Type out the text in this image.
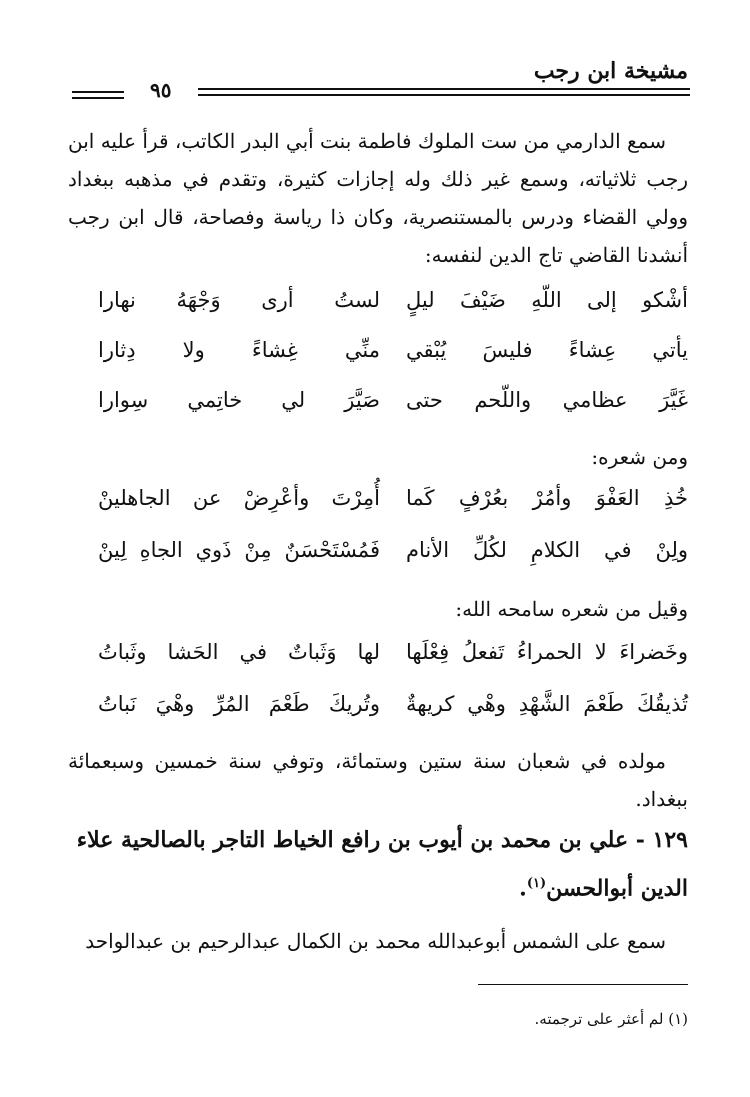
مشيخة ابن رجب
٩٥

سمع الدارمي من ست الملوك فاطمة بنت أبي البدر الكاتب، قرأ عليه ابن رجب ثلاثياته، وسمع غير ذلك وله إجازات كثيرة، وتقدم في مذهبه ببغداد وولي القضاء ودرس بالمستنصرية، وكان ذا رياسة وفصاحة، قال ابن رجب أنشدنا القاضي تاج الدين لنفسه:

أشْكو إلى اللّهِ ضَيْفَ ليلٍ
لستُ أرى وَجْهَهُ نهارا
يأتي عِشاءً فليسَ يُبْقي
منِّي غِشاءً ولا دِثارا
غَيَّرَ عظامي واللّحم حتى
صَيَّرَ لي خاتِمي سِوارا

ومن شعره:

خُذِ العَفْوَ وأمُرْ بعُرْفٍ كَما
أُمِرْتَ وأعْرِضْ عن الجاهلينْ
ولِنْ في الكلامِ لكُلِّ الأنام
فَمُسْتَحْسَنٌ مِنْ ذَوي الجاهِ لِينْ

وقيل من شعره سامحه الله:

وخَضراءَ لا الحمراءُ تَفعلُ فِعْلَها
لها وَثَباتٌ في الحَشا وثَباتُ
تُذيقُكَ طَعْمَ الشَّهْدِ وهْي كريهةٌ
وتُريكَ طَعْمَ المُرِّ وهْيَ نَباتُ

مولده في شعبان سنة ستين وستمائة، وتوفي سنة خمسين وسبعمائة ببغداد.

١٢٩ - علي بن محمد بن أيوب بن رافع الخياط التاجر بالصالحية علاء الدين أبوالحسن$^{(١)}$.

سمع على الشمس أبوعبدالله محمد بن الكمال عبدالرحيم بن عبدالواحد

(١) لم أعثر على ترجمته.
